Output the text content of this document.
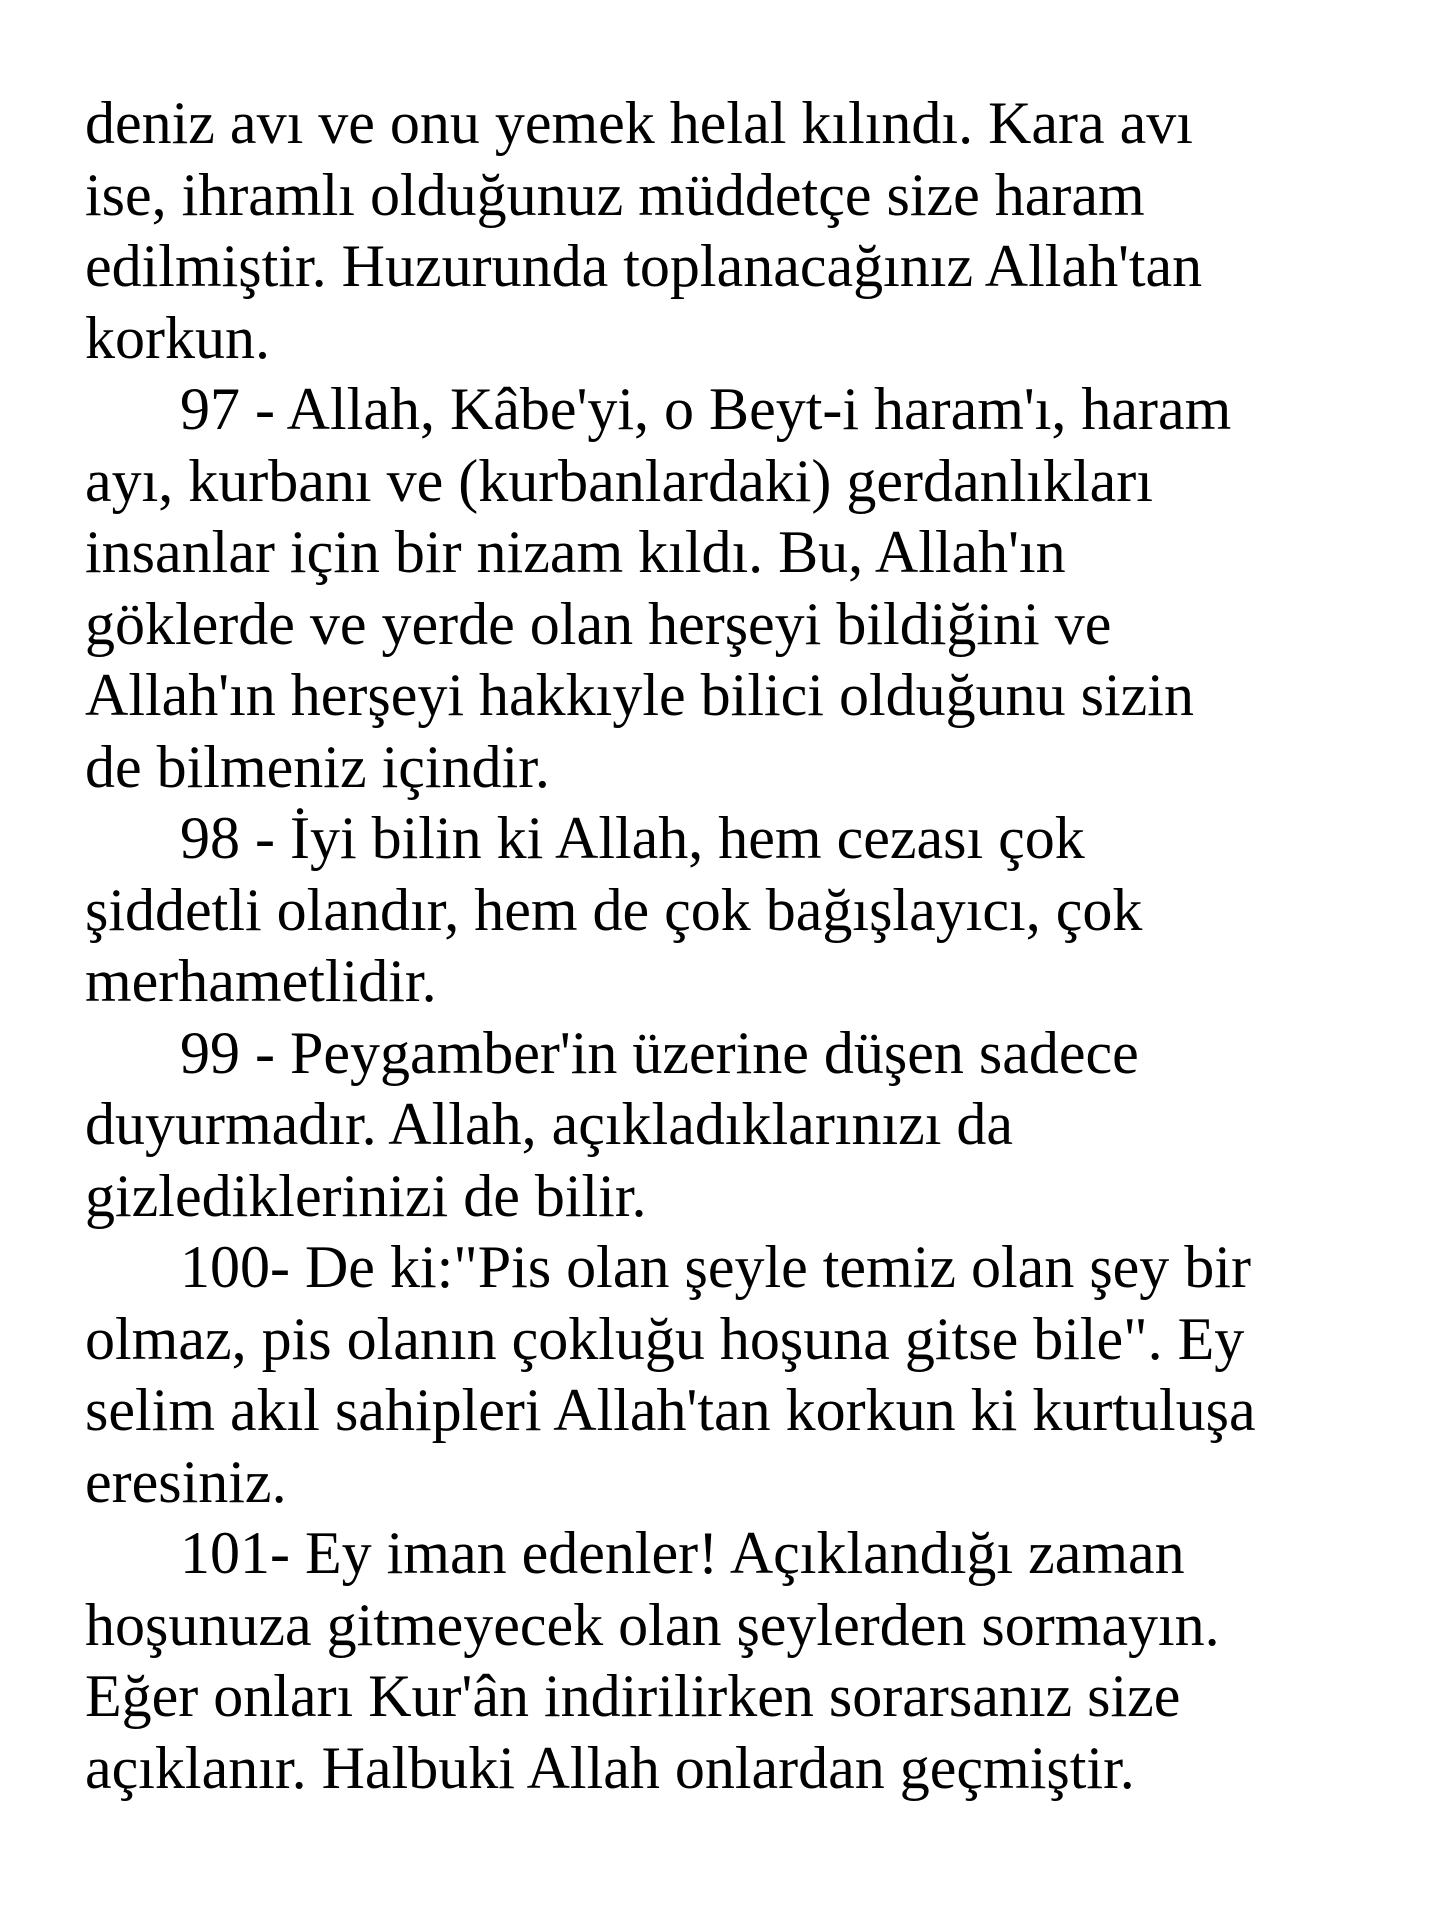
deniz avı ve onu yemek helal kılındı. Kara avı
ise, ihramlı olduğunuz müddetçe size haram
edilmiştir. Huzurunda toplanacağınız Allah'tan
korkun.
97 - Allah, Kâbe'yi, o Beyt-i haram'ı, haram
ayı, kurbanı ve (kurbanlardaki) gerdanlıkları
insanlar için bir nizam kıldı. Bu, Allah'ın
göklerde ve yerde olan herşeyi bildiğini ve
Allah'ın herşeyi hakkıyle bilici olduğunu sizin
de bilmeniz içindir.
98 - İyi bilin ki Allah, hem cezası çok
şiddetli olandır, hem de çok bağışlayıcı, çok
merhametlidir.
99 - Peygamber'in üzerine düşen sadece
duyurmadır. Allah, açıkladıklarınızı da
gizlediklerinizi de bilir.
100- De ki:"Pis olan şeyle temiz olan şey bir
olmaz, pis olanın çokluğu hoşuna gitse bile". Ey
selim akıl sahipleri Allah'tan korkun ki kurtuluşa
eresiniz.
101- Ey iman edenler! Açıklandığı zaman
hoşunuza gitmeyecek olan şeylerden sormayın.
Eğer onları Kur'ân indirilirken sorarsanız size
açıklanır. Halbuki Allah onlardan geçmiştir.
